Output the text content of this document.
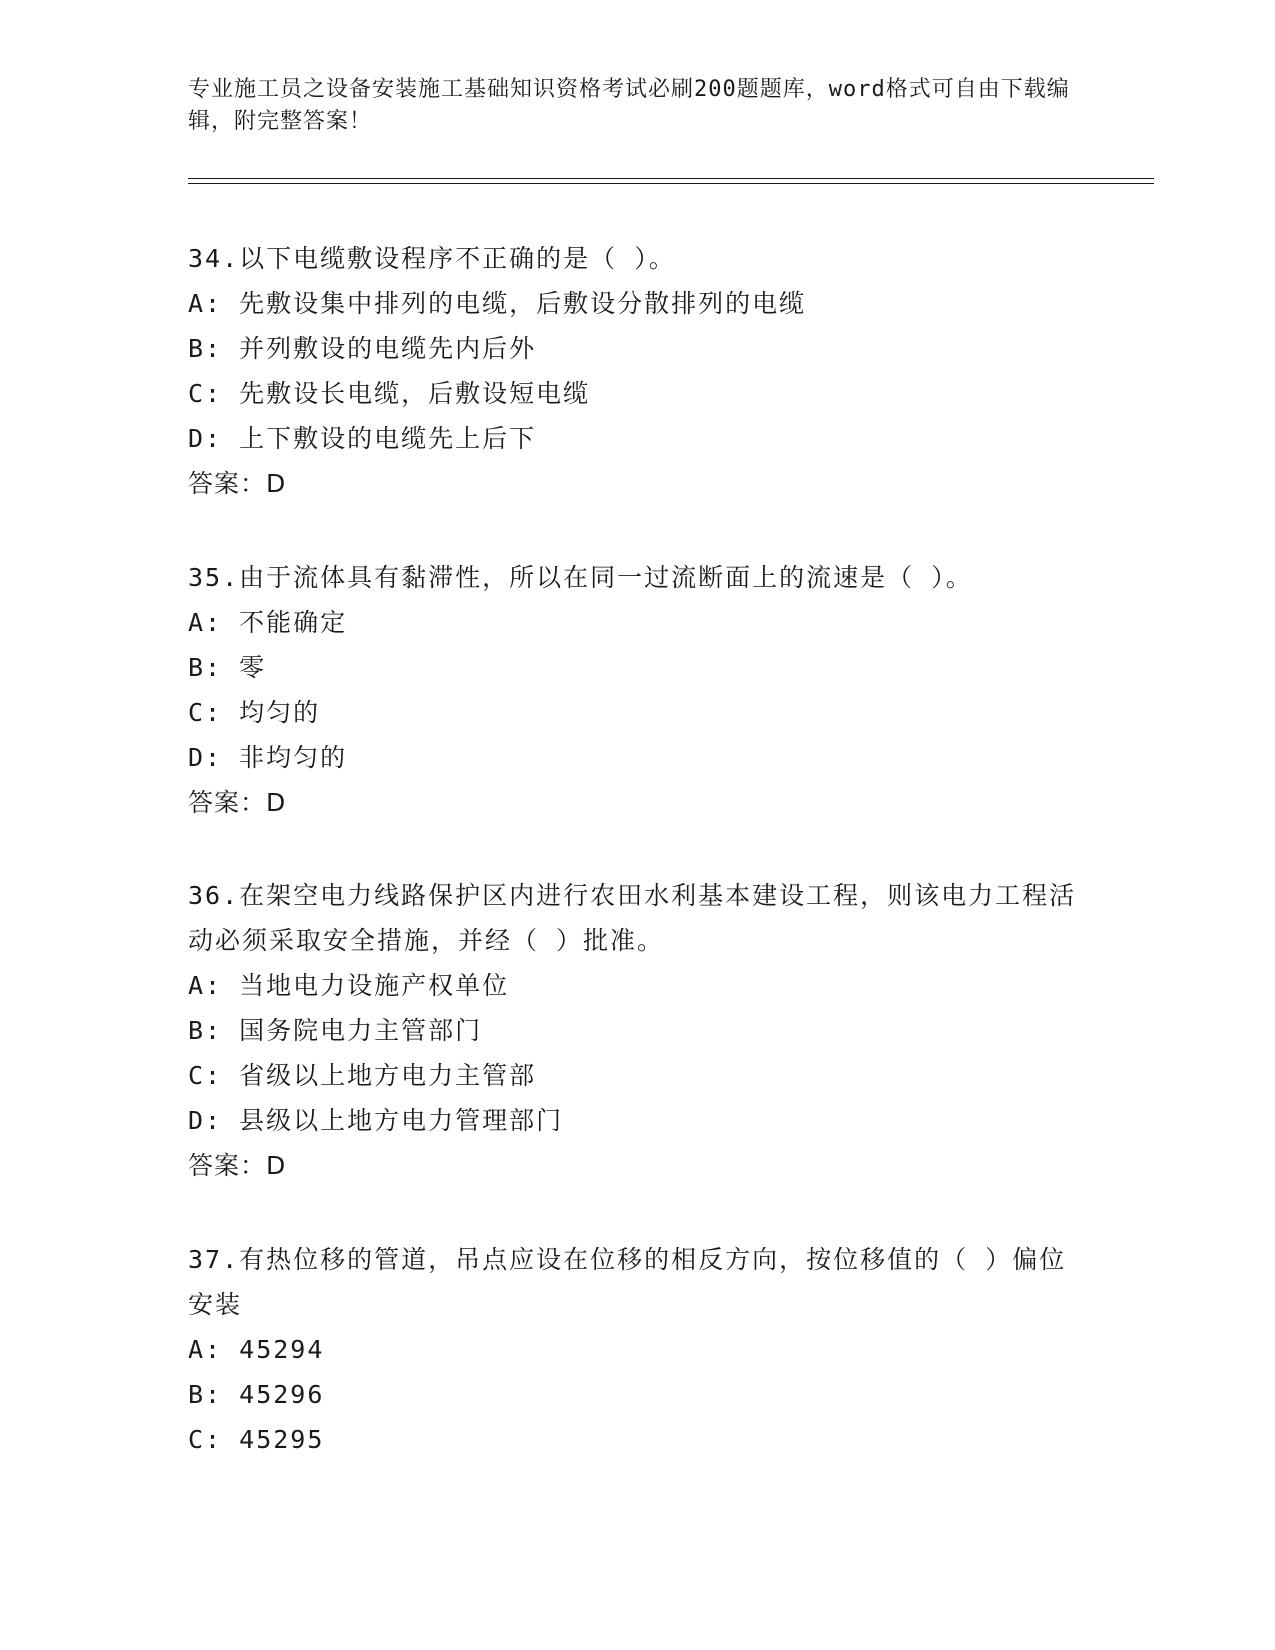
专业施工员之设备安装施工基础知识资格考试必刷200题题库，word格式可自由下载编辑，附完整答案！
34.以下电缆敷设程序不正确的是（ ）。
A: 先敷设集中排列的电缆，后敷设分散排列的电缆
B: 并列敷设的电缆先内后外
C: 先敷设长电缆，后敷设短电缆
D: 上下敷设的电缆先上后下
答案：D
35.由于流体具有黏滞性，所以在同一过流断面上的流速是（ ）。
A: 不能确定
B: 零
C: 均匀的
D: 非均匀的
答案：D
36.在架空电力线路保护区内进行农田水利基本建设工程，则该电力工程活动必须采取安全措施，并经（ ）批准。
A: 当地电力设施产权单位
B: 国务院电力主管部门
C: 省级以上地方电力主管部
D: 县级以上地方电力管理部门
答案：D
37.有热位移的管道，吊点应设在位移的相反方向，按位移值的（ ）偏位安装
A: 45294
B: 45296
C: 45295
